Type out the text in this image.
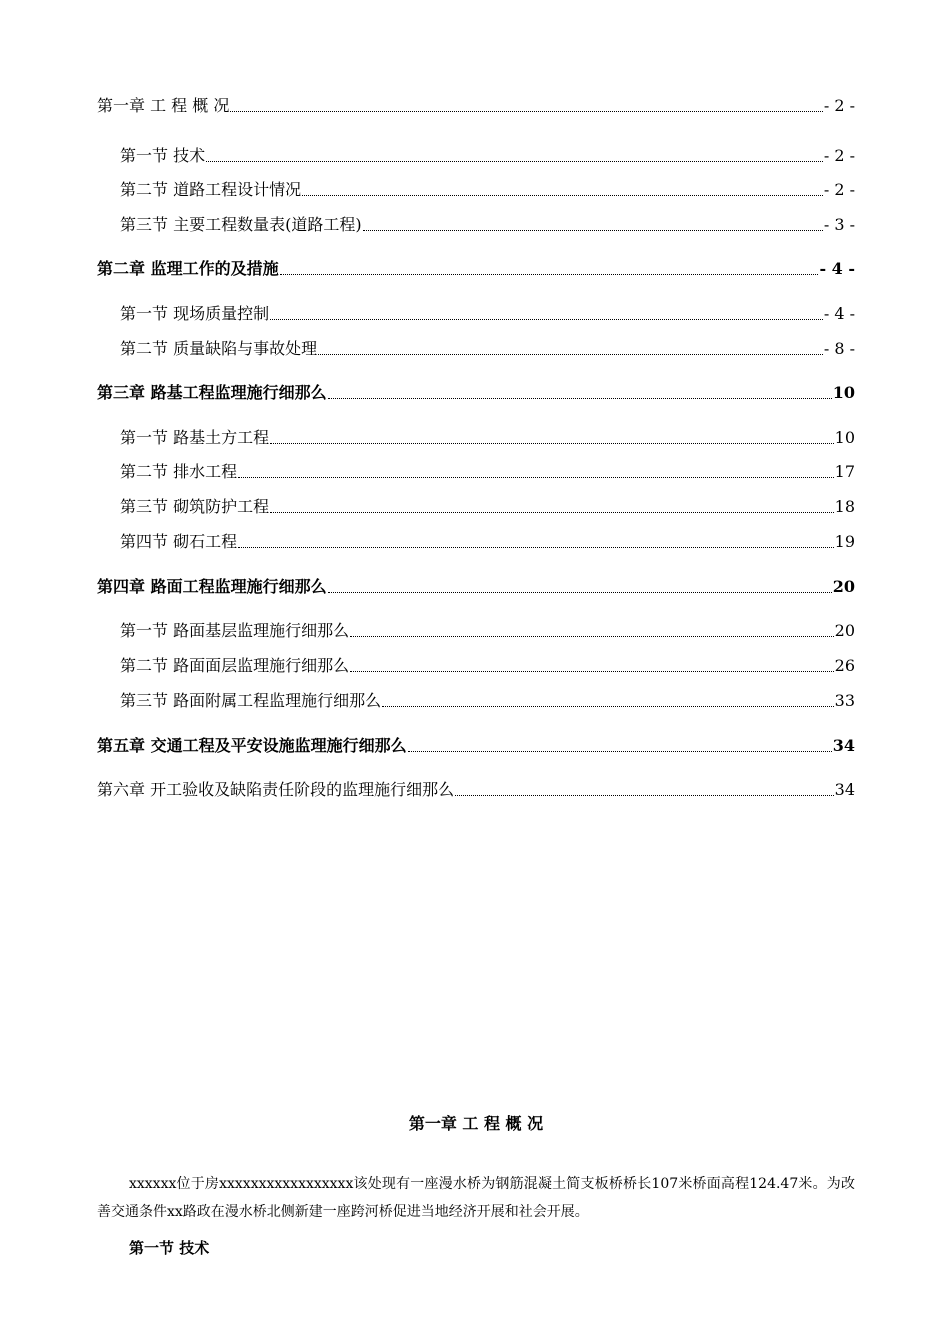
第一章 工 程 概 况	- 2 -
第一节 技术	- 2 -
第二节 道路工程设计情况	- 2 -
第三节 主要工程数量表(道路工程)	- 3 -
第二章 监理工作的及措施	- 4 -
第一节 现场质量控制	- 4 -
第二节 质量缺陷与事故处理	- 8 -
第三章 路基工程监理施行细那么	10
第一节 路基土方工程	10
第二节 排水工程	17
第三节 砌筑防护工程	18
第四节 砌石工程	19
第四章 路面工程监理施行细那么	20
第一节 路面基层监理施行细那么	20
第二节 路面面层监理施行细那么	26
第三节 路面附属工程监理施行细那么	33
第五章 交通工程及平安设施监理施行细那么	34
第六章 开工验收及缺陷责任阶段的监理施行细那么	34
第一章 工 程 概 况
xxxxxx位于房xxxxxxxxxxxxxxxxx该处现有一座漫水桥为钢筋混凝土简支板桥桥长107米桥面高程124.47米。为改善交通条件xx路政在漫水桥北侧新建一座跨河桥促进当地经济开展和社会开展。
第一节 技术
